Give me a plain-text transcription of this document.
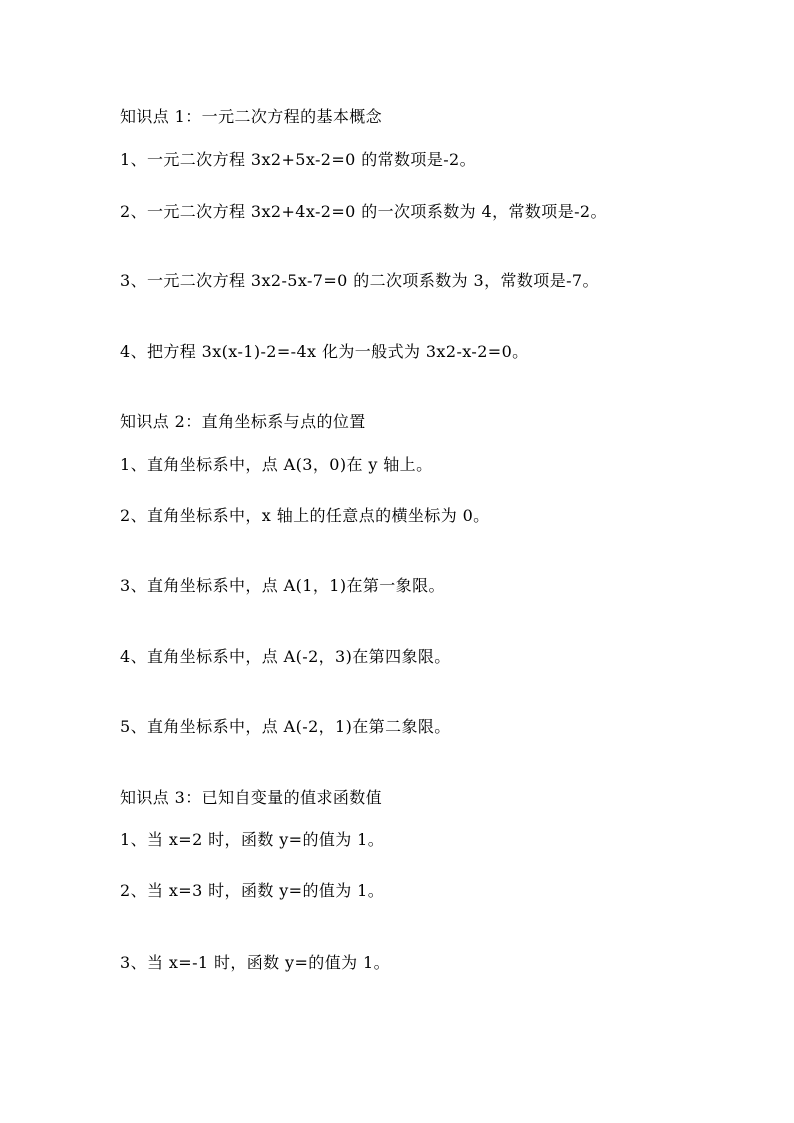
知识点 1：一元二次方程的基本概念
1、一元二次方程 3x2+5x-2=0 的常数项是-2。
2、一元二次方程 3x2+4x-2=0 的一次项系数为 4，常数项是-2。
3、一元二次方程 3x2-5x-7=0 的二次项系数为 3，常数项是-7。
4、把方程 3x(x-1)-2=-4x 化为一般式为 3x2-x-2=0。
知识点 2：直角坐标系与点的位置
1、直角坐标系中，点 A(3，0)在 y 轴上。
2、直角坐标系中，x 轴上的任意点的横坐标为 0。
3、直角坐标系中，点 A(1，1)在第一象限。
4、直角坐标系中，点 A(-2，3)在第四象限。
5、直角坐标系中，点 A(-2，1)在第二象限。
知识点 3：已知自变量的值求函数值
1、当 x=2 时，函数 y=的值为 1。
2、当 x=3 时，函数 y=的值为 1。
3、当 x=-1 时，函数 y=的值为 1。
